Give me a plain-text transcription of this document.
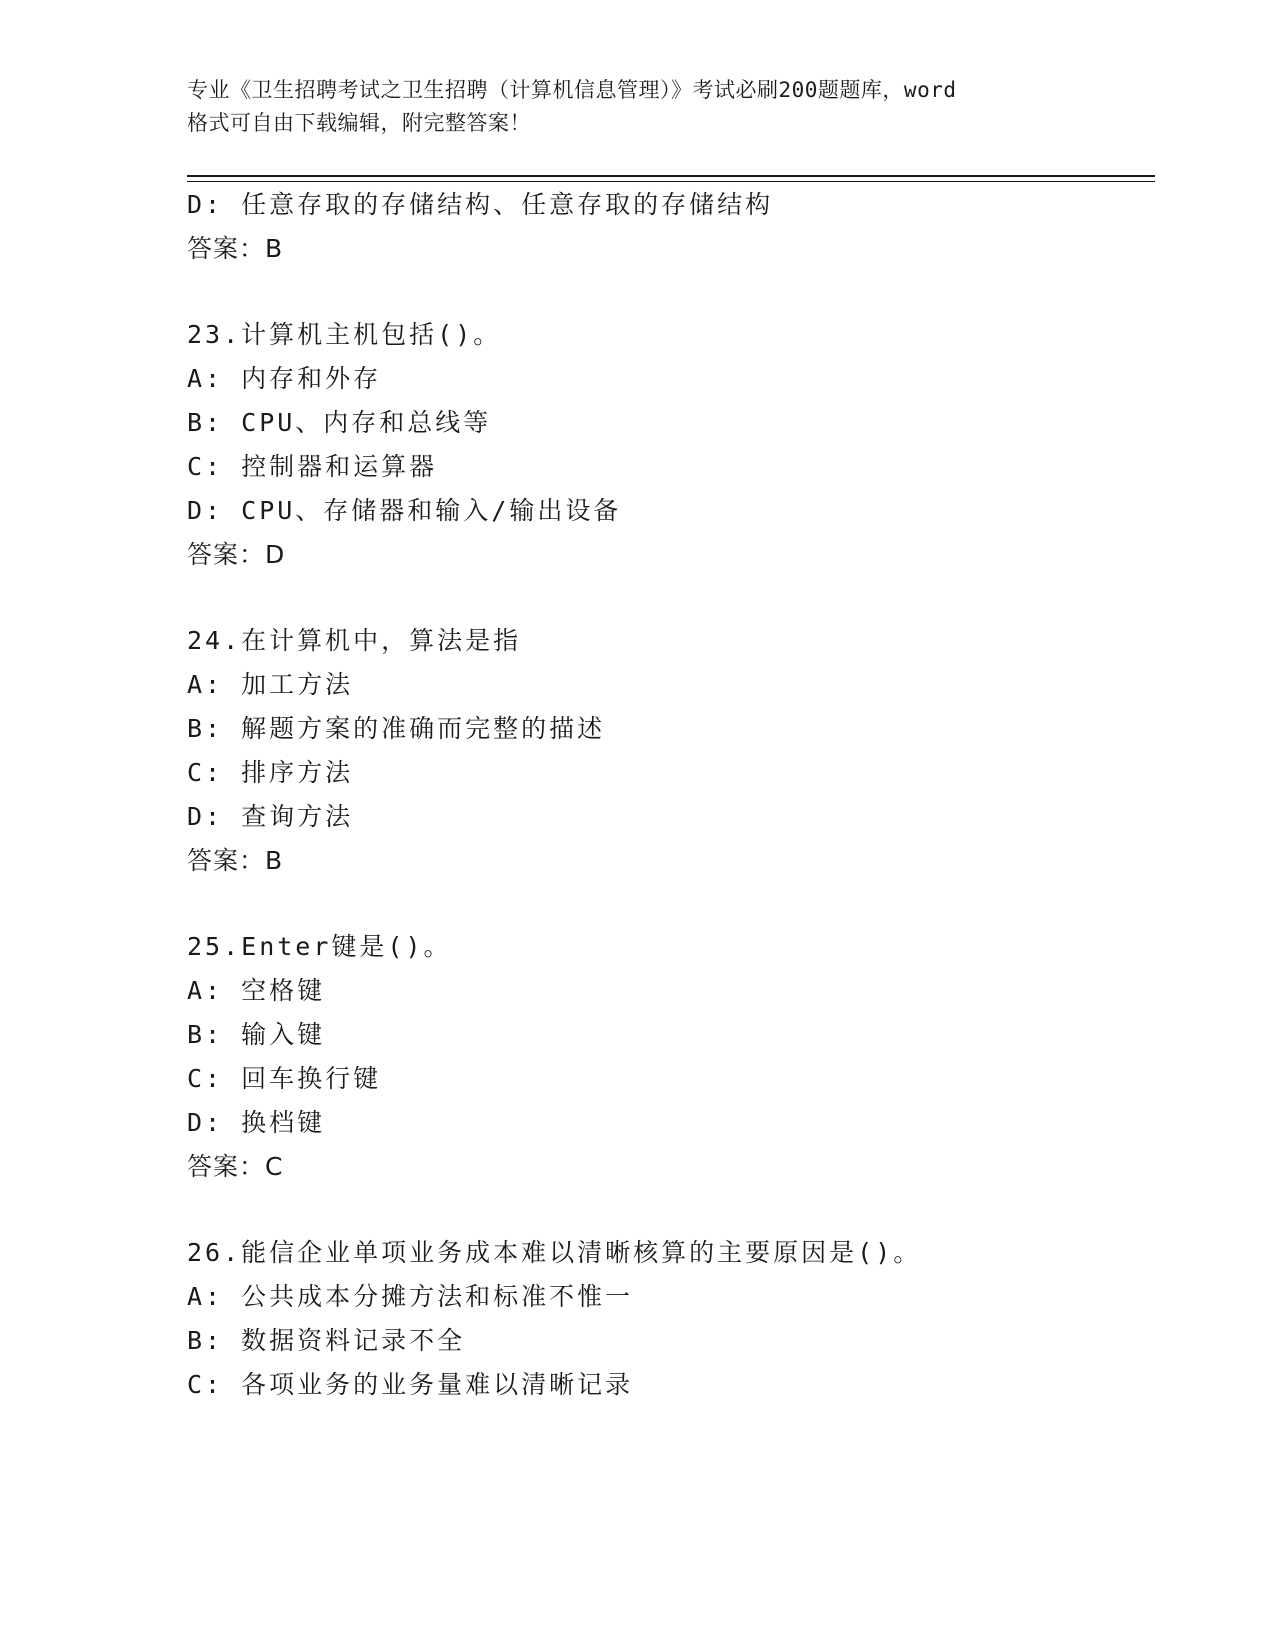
专业《卫生招聘考试之卫生招聘（计算机信息管理）》考试必刷200题题库，word
格式可自由下载编辑，附完整答案！
D: 任意存取的存储结构、任意存取的存储结构
答案：B
23.计算机主机包括()。
A: 内存和外存
B: CPU、内存和总线等
C: 控制器和运算器
D: CPU、存储器和输入/输出设备
答案：D
24.在计算机中，算法是指
A: 加工方法
B: 解题方案的准确而完整的描述
C: 排序方法
D: 查询方法
答案：B
25.Enter键是()。
A: 空格键
B: 输入键
C: 回车换行键
D: 换档键
答案：C
26.能信企业单项业务成本难以清晰核算的主要原因是()。
A: 公共成本分摊方法和标准不惟一
B: 数据资料记录不全
C: 各项业务的业务量难以清晰记录
